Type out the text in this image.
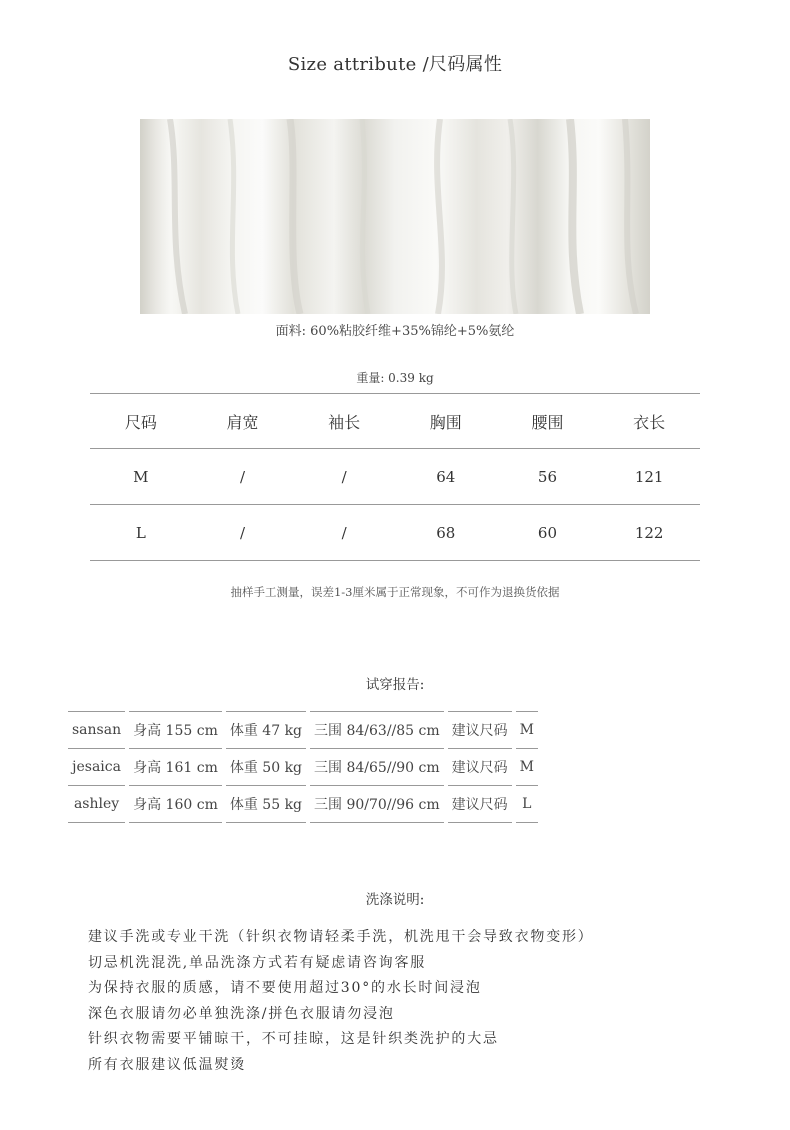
Size attribute /尺码属性
面料: 60%粘胶纤维+35%锦纶+5%氨纶
重量: 0.39 kg
尺码	肩宽	袖长	胸围	腰围	衣长
M	/	/	64	56	121
L	/	/	68	60	122
抽样手工测量，误差1-3厘米属于正常现象，不可作为退换货依据
试穿报告:
sansan	身高 155 cm	体重 47 kg	三围 84/63//85 cm	建议尺码	M
jesaica	身高 161 cm	体重 50 kg	三围 84/65//90 cm	建议尺码	M
ashley	身高 160 cm	体重 55 kg	三围 90/70//96 cm	建议尺码	L
洗涤说明:
建议手洗或专业干洗（针织衣物请轻柔手洗，机洗甩干会导致衣物变形）
切忌机洗混洗,单品洗涤方式若有疑虑请咨询客服
为保持衣服的质感，请不要使用超过30°的水长时间浸泡
深色衣服请勿必单独洗涤/拼色衣服请勿浸泡
针织衣物需要平铺晾干，不可挂晾，这是针织类洗护的大忌
所有衣服建议低温熨烫
